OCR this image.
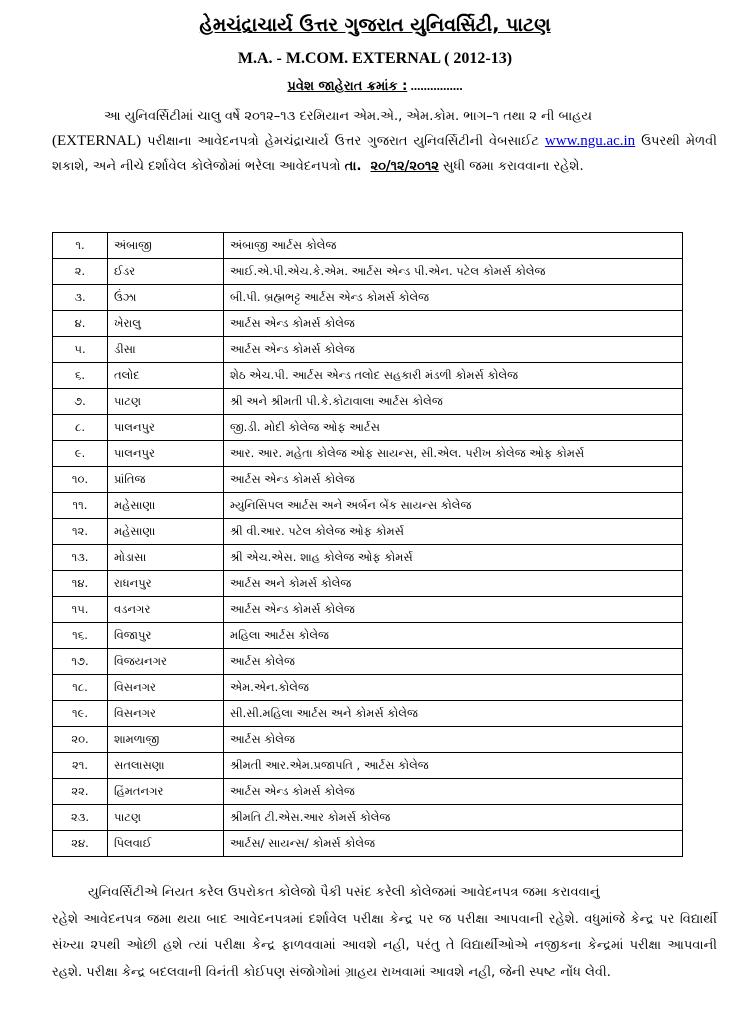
હેમચંદ્રાચાર્ય ઉત્તર ગુજરાત યુનિવર્સિટી, પાટણ
M.A. - M.COM. EXTERNAL ( 2012-13)
પ્રવેશ જાહેરાત ક્રમાંક : ................
આ યુનિવર્સિટીમાં ચાલુ વર્ષે ૨૦૧૨–૧૩ દરમિયાન એમ.એ., એમ.કોમ. ભાગ–૧ તથા ૨ ની બાહય
(EXTERNAL) પરીક્ષાના આવેદનપત્રો હેમચંદ્રાચાર્ય ઉત્તર ગુજરાત યુનિવર્સિટીની વેબસાઈટ www.ngu.ac.in ઉપરથી મેળવી શકાશે, અને નીચે દર્શાવેલ કોલેજોમાં ભરેલા આવેદનપત્રો તા. ૨૦/૧૨/૨૦૧૨ સુધી જમા કરાવવાના રહેશે.
૧.	અંબાજી	અંબાજી આર્ટસ કોલેજ
૨.	ઈડર	આઈ.એ.પી.એચ.કે.એમ. આર્ટસ એન્ડ પી.એન. પટેલ કોમર્સ કોલેજ
૩.	ઉંઝા	બી.પી. બ્રહ્મભટ્ટ આર્ટસ એન્ડ કોમર્સ કોલેજ
૪.	ખેરાલુ	આર્ટસ એન્ડ કોમર્સ કોલેજ
૫.	ડીસા	આર્ટસ એન્ડ કોમર્સ કોલેજ
૬.	તલોદ	શેઠ એચ.પી. આર્ટસ એન્ડ તલોદ સહકારી મંડળી કોમર્સ કોલેજ
૭.	પાટણ	શ્રી અને શ્રીમતી પી.કે.કોટાવાલા આર્ટસ કોલેજ
૮.	પાલનપુર	જી.ડી. મોદી કોલેજ ઓફ આર્ટસ
૯.	પાલનપુર	આર. આર. મહેતા કોલેજ ઓફ સાયન્સ, સી.એલ. પરીખ કોલેજ ઓફ કોમર્સ
૧૦.	પ્રાંતિજ	આર્ટસ એન્ડ કોમર્સ કોલેજ
૧૧.	મહેસાણા	મ્યુનિસિપલ આર્ટસ અને અર્બન બેંક સાયન્સ કોલેજ
૧૨.	મહેસાણા	શ્રી વી.આર. પટેલ કોલેજ ઓફ કોમર્સ
૧૩.	મોડાસા	શ્રી એચ.એસ. શાહ કોલેજ ઓફ કોમર્સ
૧૪.	રાધનપુર	આર્ટસ અને કોમર્સ કોલેજ
૧૫.	વડનગર	આર્ટસ એન્ડ કોમર્સ કોલેજ
૧૬.	વિજાપુર	મહિલા આર્ટસ કોલેજ
૧૭.	વિજયનગર	આર્ટસ કોલેજ
૧૮.	વિસનગર	એમ.એન.કોલેજ
૧૯.	વિસનગર	સી.સી.મહિલા આર્ટસ અને કોમર્સ કોલેજ
૨૦.	શામળાજી	આર્ટસ કોલેજ
૨૧.	સતલાસણા	શ્રીમતી આર.એમ.પ્રજાપતિ , આર્ટસ કોલેજ
૨૨.	હિંમતનગર	આર્ટસ એન્ડ કોમર્સ કોલેજ
૨૩.	પાટણ	શ્રીમતિ ટી.એસ.આર કોમર્સ કોલેજ
૨૪.	પિલવાઈ	આર્ટસ/ સાયન્સ/ કોમર્સ કોલેજ
યુનિવર્સિટીએ નિયત કરેલ ઉપરોકત કોલેજો પૈકી પસંદ કરેલી કોલેજમાં આવેદનપત્ર જમા કરાવવાનું
રહેશે આવેદનપત્ર જમા થયા બાદ આવેદનપત્રમાં દર્શાવેલ પરીક્ષા કેન્દ્ર પર જ પરીક્ષા આપવાની રહેશે. વધુમાંજે કેન્દ્ર પર વિદ્યાર્થી સંખ્યા ૨૫થી ઓછી હશે ત્યાં પરીક્ષા કેન્દ્ર ફાળવવામાં આવશે નહી, પરંતુ તે વિદ્યાર્થીઓએ નજીકના કેન્દ્રમાં પરીક્ષા આપવાની રહશે. પરીક્ષા કેન્દ્ર બદલવાની વિનંતી કોઈપણ સંજોગોમાં ગ્રાહય રાખવામાં આવશે નહી, જેની સ્પષ્ટ નોંધ લેવી.
